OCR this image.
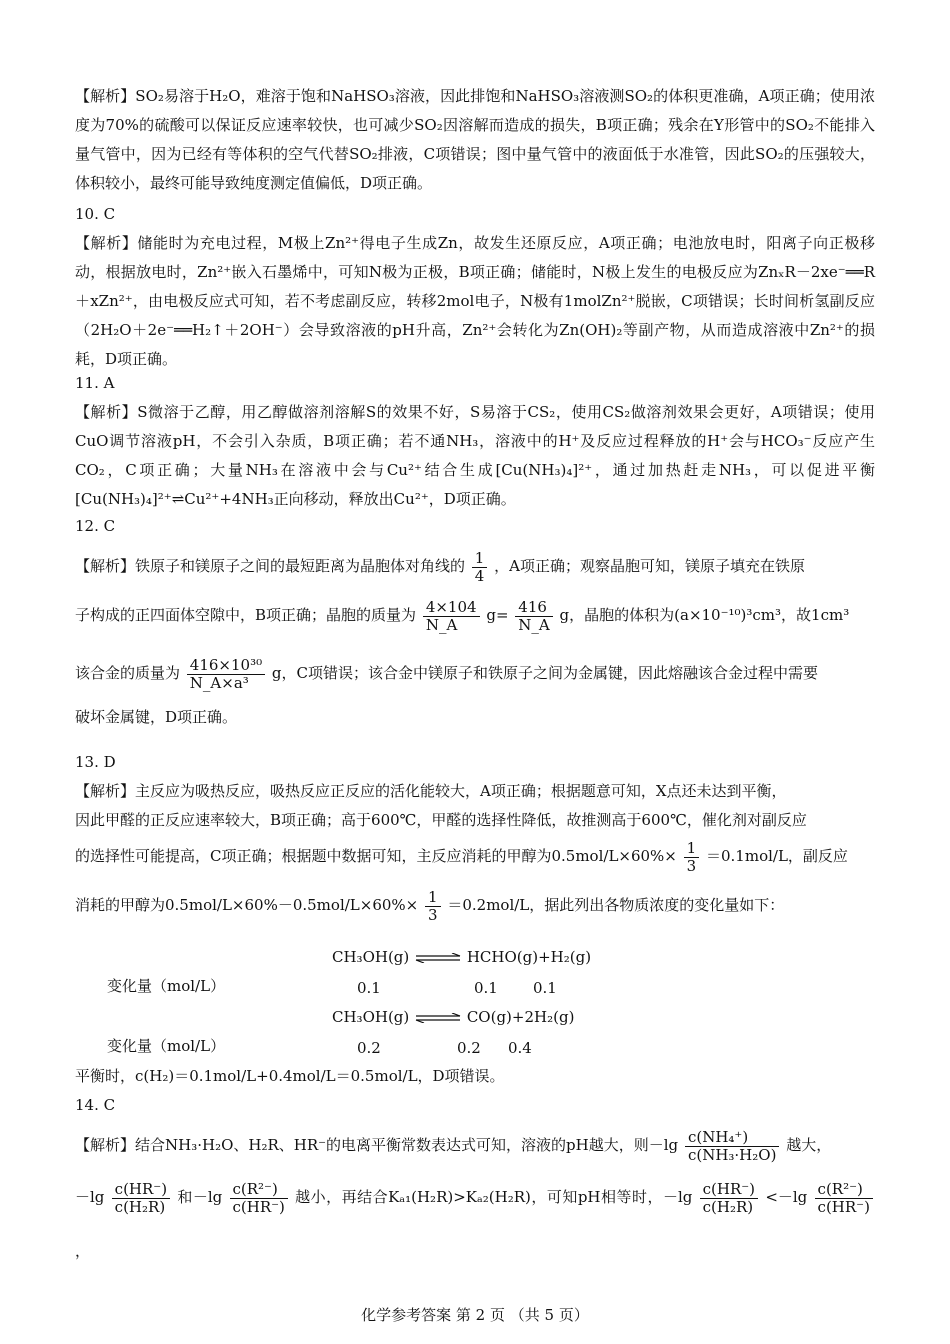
【解析】SO₂易溶于H₂O，难溶于饱和NaHSO₃溶液，因此排饱和NaHSO₃溶液测SO₂的体积更准确，A项正确；使用浓度为70%的硫酸可以保证反应速率较快，也可减少SO₂因溶解而造成的损失，B项正确；残余在Y形管中的SO₂不能排入量气管中，因为已经有等体积的空气代替SO₂排液，C项错误；图中量气管中的液面低于水准管，因此SO₂的压强较大，体积较小，最终可能导致纯度测定值偏低，D项正确。

10. C

【解析】储能时为充电过程，M极上Zn²⁺得电子生成Zn，故发生还原反应，A项正确；电池放电时，阳离子向正极移动，根据放电时，Zn²⁺嵌入石墨烯中，可知N极为正极，B项正确；储能时，N极上发生的电极反应为ZnₓR－2xe⁻══R＋xZn²⁺，由电极反应式可知，若不考虑副反应，转移2mol电子，N极有1molZn²⁺脱嵌，C项错误；长时间析氢副反应（2H₂O＋2e⁻══H₂↑＋2OH⁻）会导致溶液的pH升高，Zn²⁺会转化为Zn(OH)₂等副产物，从而造成溶液中Zn²⁺的损耗，D项正确。

11. A

【解析】S微溶于乙醇，用乙醇做溶剂溶解S的效果不好，S易溶于CS₂，使用CS₂做溶剂效果会更好，A项错误；使用CuO调节溶液pH，不会引入杂质，B项正确；若不通NH₃，溶液中的H⁺及反应过程释放的H⁺会与HCO₃⁻反应产生CO₂，C项正确；大量NH₃在溶液中会与Cu²⁺结合生成[Cu(NH₃)₄]²⁺，通过加热赶走NH₃，可以促进平衡[Cu(NH₃)₄]²⁺⇌Cu²⁺+4NH₃正向移动，释放出Cu²⁺，D项正确。

12. C

【解析】铁原子和镁原子之间的最短距离为晶胞体对角线的 $\frac{1}{4}$ ，A项正确；观察晶胞可知，镁原子填充在铁原

子构成的正四面体空隙中，B项正确；晶胞的质量为 $\frac{4\times 104}{N\_A} g= \frac{416}{N\_A}$ g，晶胞的体积为(a×10⁻¹⁰)³cm³，故1cm³

该合金的质量为 $\frac{\text{416×10³⁰}}{\text{N\_A×a³}}$ g，C项错误；该合金中镁原子和铁原子之间为金属键，因此熔融该合金过程中需要

破坏金属键，D项正确。

13. D

【解析】主反应为吸热反应，吸热反应正反应的活化能较大，A项正确；根据题意可知，X点还未达到平衡，

因此甲醛的正反应速率较大，B项正确；高于600℃，甲醛的选择性降低，故推测高于600℃，催化剂对副反应

的选择性可能提高，C项正确；根据题中数据可知，主反应消耗的甲醇为$0.5mol/L\times 60\%\times \frac{1}{3} =0.1mol/L$，副反应

消耗的甲醇为$0.5mol/L\times 60\%-0.5mol/L\times 60\%\times \frac{1}{3} =0.2mol/L$，据此列出各物质浓度的变化量如下：

CH₃OH(g) ⇌ HCHO(g)+H₂(g)
变化量（mol/L）	0.1	0.1 0.1
CH₃OH(g) ⇌ CO(g)+2H₂(g)
变化量（mol/L）	0.2	0.2 0.4

平衡时，c(H₂)＝0.1mol/L+0.4mol/L＝0.5mol/L，D项错误。

14. C

【解析】结合NH₃·H₂O、H₂R、HR⁻的电离平衡常数表达式可知，溶液的pH越大，则$-\lg \frac{\text{c(NH₄⁺)}}{\text{c(NH₃·H₂O)}}$ 越大，

$-\lg \frac{c(HR^-)}{\text{c(H₂R)}}$ 和$-\lg \frac{\text{c(R²⁻)}}{c(HR^-)}$ 越小，再结合Kₐ₁(H₂R)>Kₐ₂(H₂R)，可知pH相等时，$-\lg \frac{c(HR^-)}{\text{c(H₂R)}} <-\lg \frac{\text{c(R²⁻)}}{c(HR^-)}$
，

化学参考答案 第 2 页 （共 5 页）
